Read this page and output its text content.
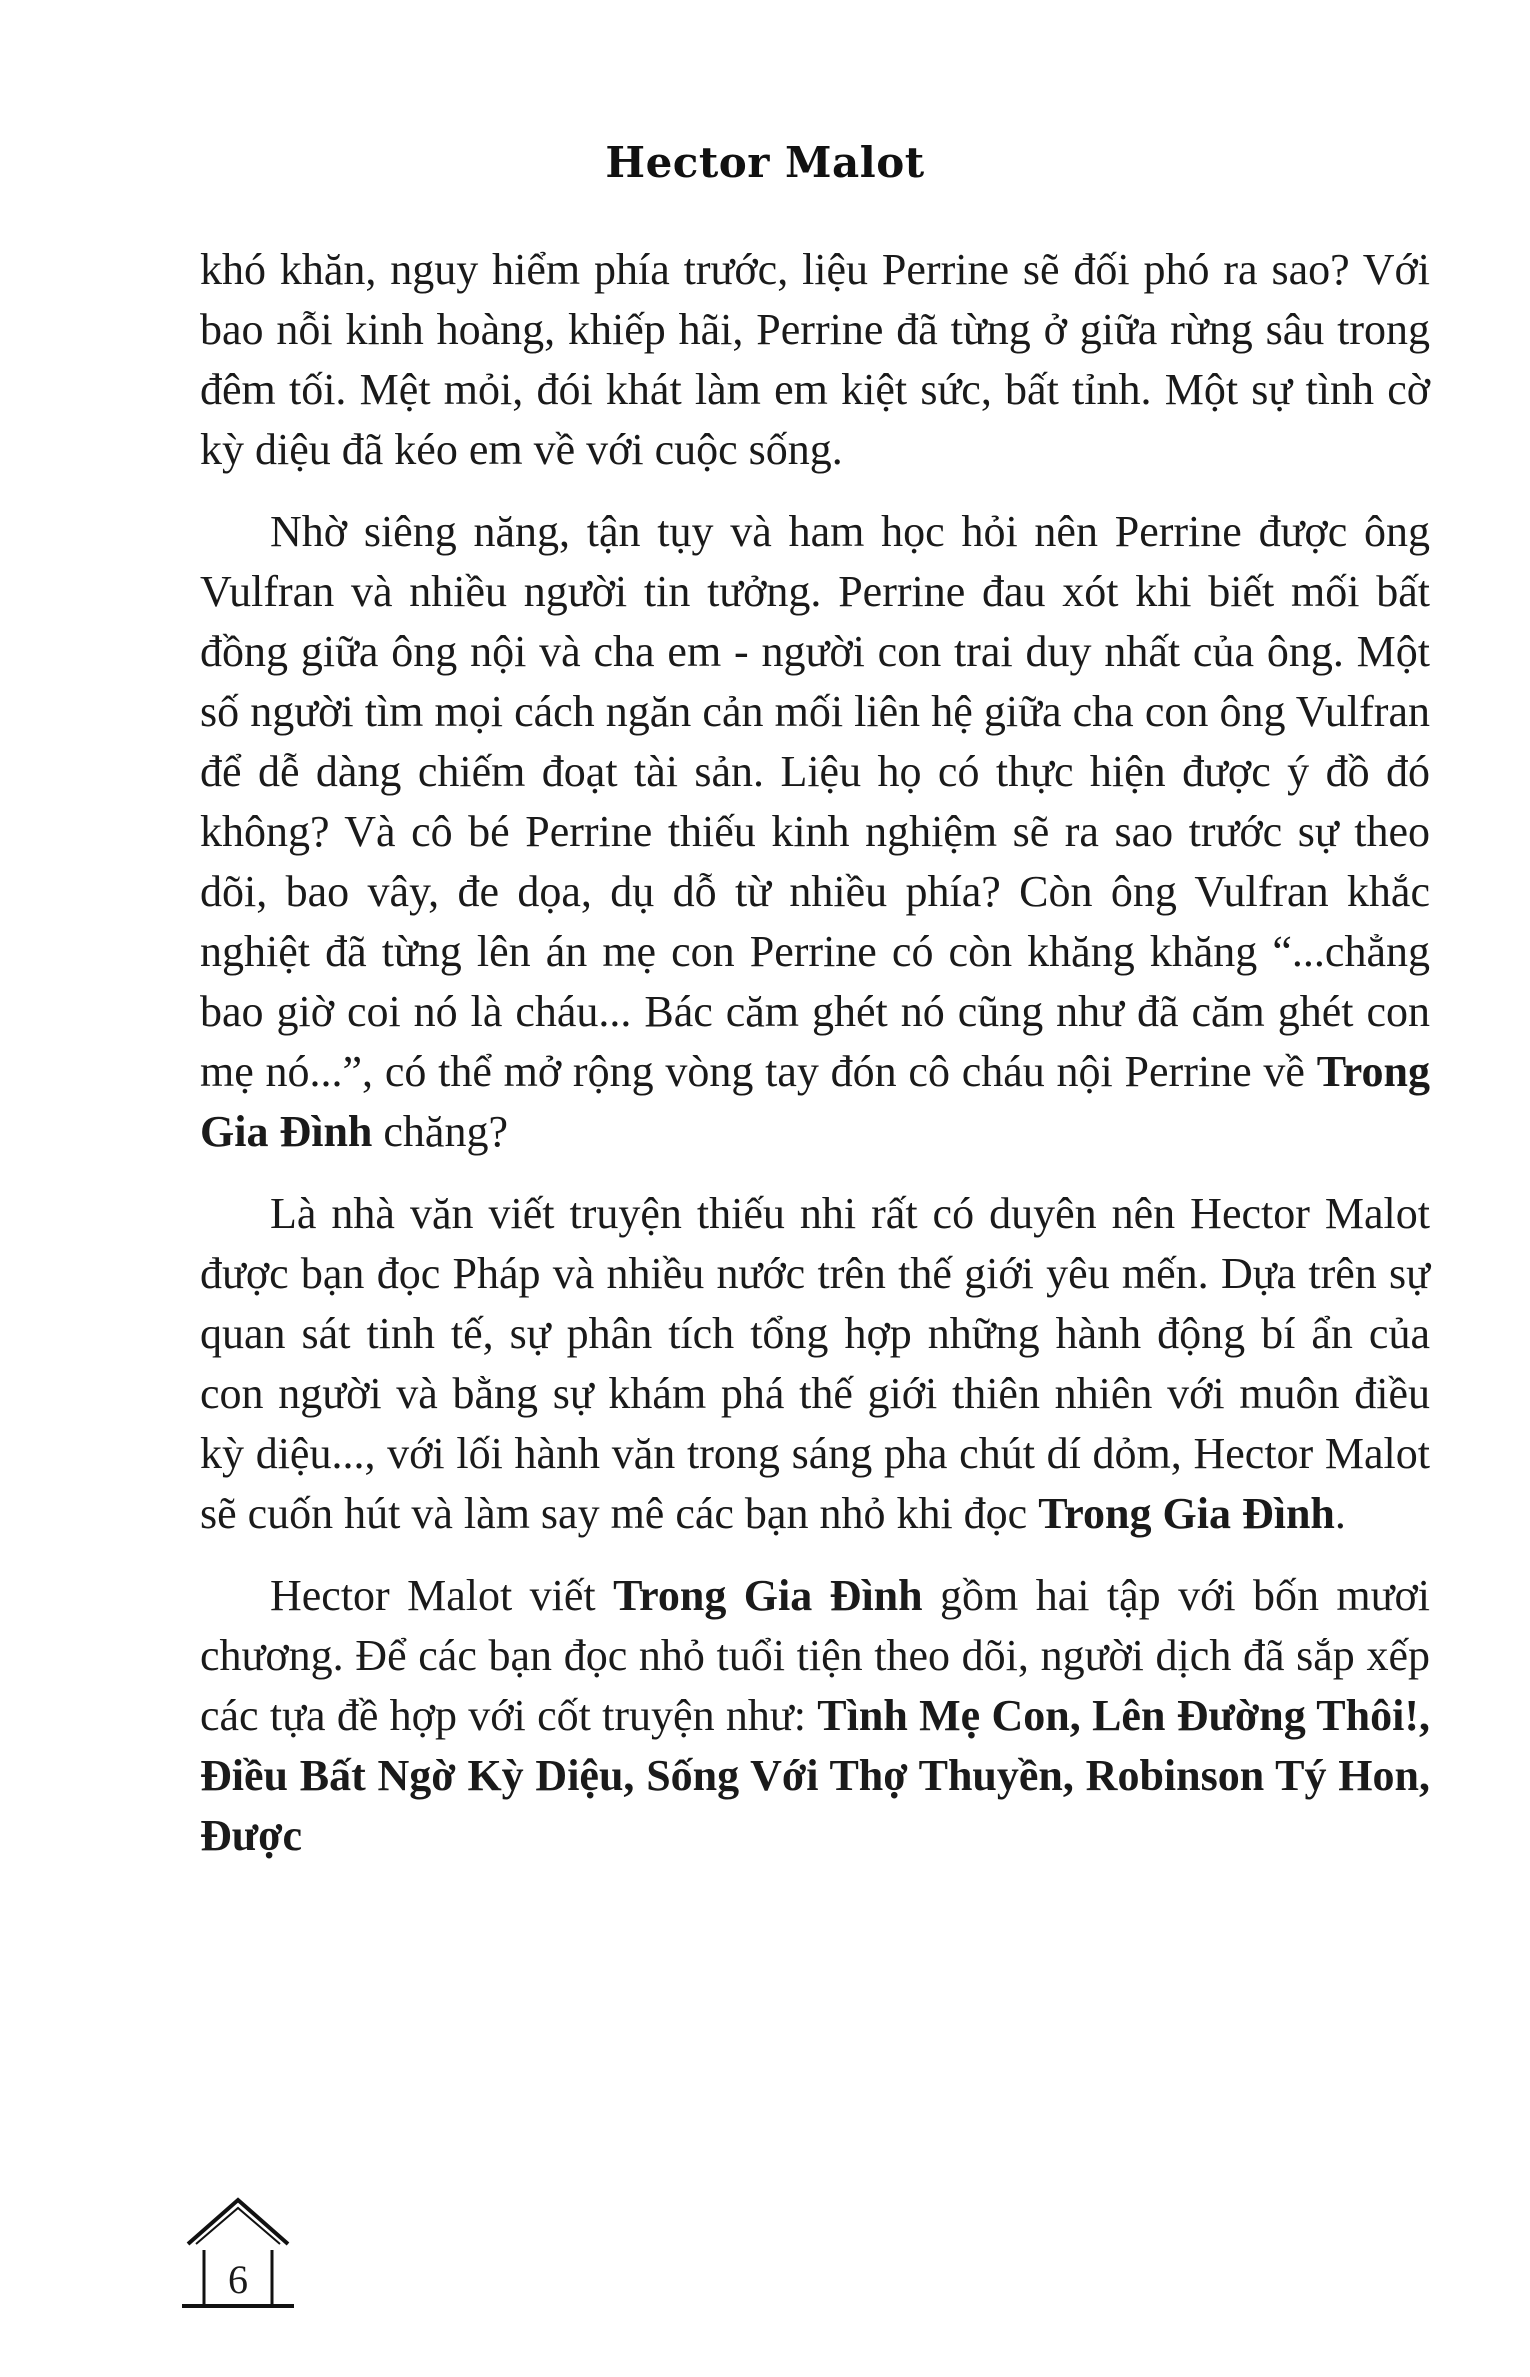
Hector Malot

khó khăn, nguy hiểm phía trước, liệu Perrine sẽ đối phó ra sao? Với bao nỗi kinh hoàng, khiếp hãi, Perrine đã từng ở giữa rừng sâu trong đêm tối. Mệt mỏi, đói khát làm em kiệt sức, bất tỉnh. Một sự tình cờ kỳ diệu đã kéo em về với cuộc sống.

Nhờ siêng năng, tận tụy và ham học hỏi nên Perrine được ông Vulfran và nhiều người tin tưởng. Perrine đau xót khi biết mối bất đồng giữa ông nội và cha em - người con trai duy nhất của ông. Một số người tìm mọi cách ngăn cản mối liên hệ giữa cha con ông Vulfran để dễ dàng chiếm đoạt tài sản. Liệu họ có thực hiện được ý đồ đó không? Và cô bé Perrine thiếu kinh nghiệm sẽ ra sao trước sự theo dõi, bao vây, đe dọa, dụ dỗ từ nhiều phía? Còn ông Vulfran khắc nghiệt đã từng lên án mẹ con Perrine có còn khăng khăng “...chẳng bao giờ coi nó là cháu... Bác căm ghét nó cũng như đã căm ghét con mẹ nó...”, có thể mở rộng vòng tay đón cô cháu nội Perrine về Trong Gia Đình chăng?

Là nhà văn viết truyện thiếu nhi rất có duyên nên Hector Malot được bạn đọc Pháp và nhiều nước trên thế giới yêu mến. Dựa trên sự quan sát tinh tế, sự phân tích tổng hợp những hành động bí ẩn của con người và bằng sự khám phá thế giới thiên nhiên với muôn điều kỳ diệu..., với lối hành văn trong sáng pha chút dí dỏm, Hector Malot sẽ cuốn hút và làm say mê các bạn nhỏ khi đọc Trong Gia Đình.

Hector Malot viết Trong Gia Đình gồm hai tập với bốn mươi chương. Để các bạn đọc nhỏ tuổi tiện theo dõi, người dịch đã sắp xếp các tựa đề hợp với cốt truyện như: Tình Mẹ Con, Lên Đường Thôi!, Điều Bất Ngờ Kỳ Diệu, Sống Với Thợ Thuyền, Robinson Tý Hon, Được

6
